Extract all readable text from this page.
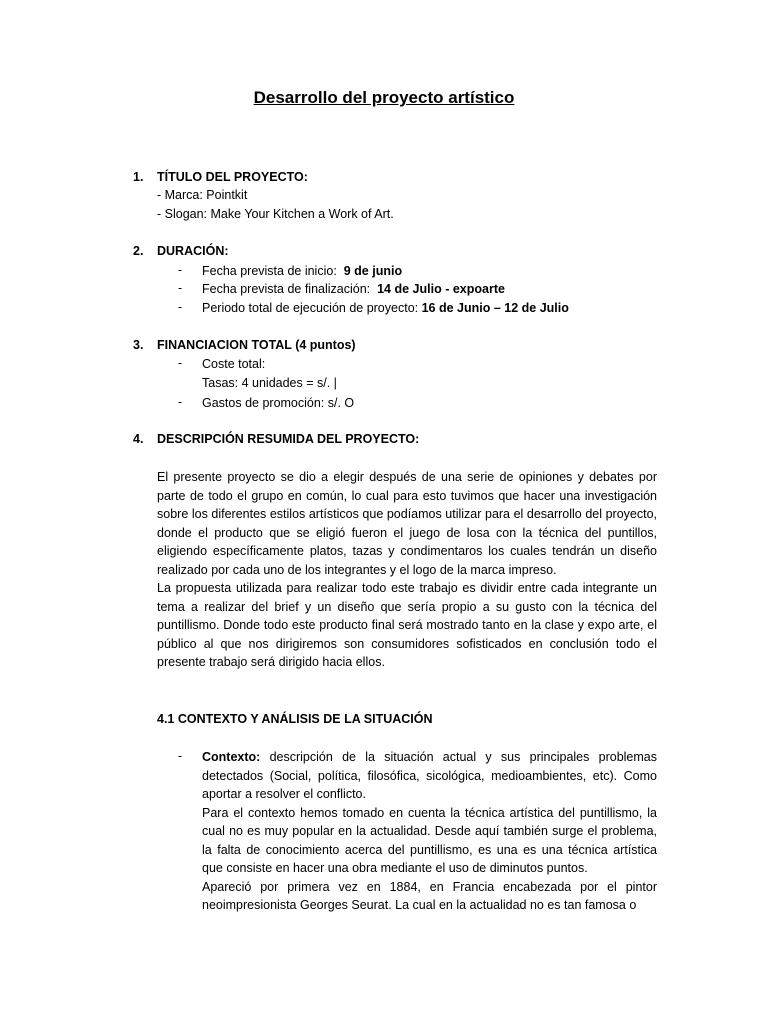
Desarrollo del proyecto artístico
1. TÍTULO DEL PROYECTO:
- Marca: Pointkit
- Slogan: Make Your Kitchen a Work of Art.
2. DURACIÓN:
- Fecha prevista de inicio: 9 de junio
- Fecha prevista de finalización: 14 de Julio - expoarte
- Periodo total de ejecución de proyecto: 16 de Junio – 12 de Julio
3. FINANCIACION TOTAL (4 puntos)
- Coste total:
Tasas: 4 unidades = s/. |
- Gastos de promoción: s/. O
4. DESCRIPCIÓN RESUMIDA DEL PROYECTO:

El presente proyecto se dio a elegir después de una serie de opiniones y debates por parte de todo el grupo en común, lo cual para esto tuvimos que hacer una investigación sobre los diferentes estilos artísticos que podíamos utilizar para el desarrollo del proyecto, donde el producto que se eligió fueron el juego de losa con la técnica del puntillos, eligiendo específicamente platos, tazas y condimentaros los cuales tendrán un diseño realizado por cada uno de los integrantes y el logo de la marca impreso.

La propuesta utilizada para realizar todo este trabajo es dividir entre cada integrante un tema a realizar del brief y un diseño que sería propio a su gusto con la técnica del puntillismo. Donde todo este producto final será mostrado tanto en la clase y expo arte, el público al que nos dirigiremos son consumidores sofisticados en conclusión todo el presente trabajo será dirigido hacia ellos.

4.1 CONTEXTO Y ANÁLISIS DE LA SITUACIÓN
- Contexto: descripción de la situación actual y sus principales problemas detectados (Social, política, filosófica, sicológica, medioambientes, etc). Como aportar a resolver el conflicto.

Para el contexto hemos tomado en cuenta la técnica artística del puntillismo, la cual no es muy popular en la actualidad. Desde aquí también surge el problema, la falta de conocimiento acerca del puntillismo, es una es una técnica artística que consiste en hacer una obra mediante el uso de diminutos puntos.

Apareció por primera vez en 1884, en Francia encabezada por el pintor neoimpresionista Georges Seurat. La cual en la actualidad no es tan famosa o
